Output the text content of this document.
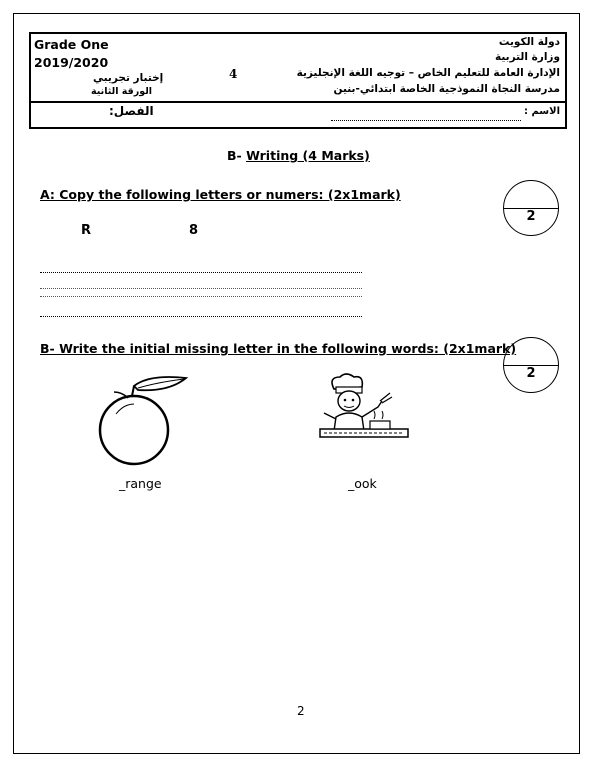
Grade One
2019/2020
إختبار تجريبي
الورقة الثانية
4
دولة الكويت
وزارة التربية
الإدارة العامة للتعليم الخاص – توجيه اللغة الإنجليزية
مدرسة النجاة النموذجية الخاصة ابتدائي-بنين
الاسم :
الفصل:
B- Writing (4 Marks)
A: Copy the following letters or numers: (2x1mark)
2
R	8
B- Write the initial missing letter in the following words: (2x1mark)
2
_range	_ook
2
